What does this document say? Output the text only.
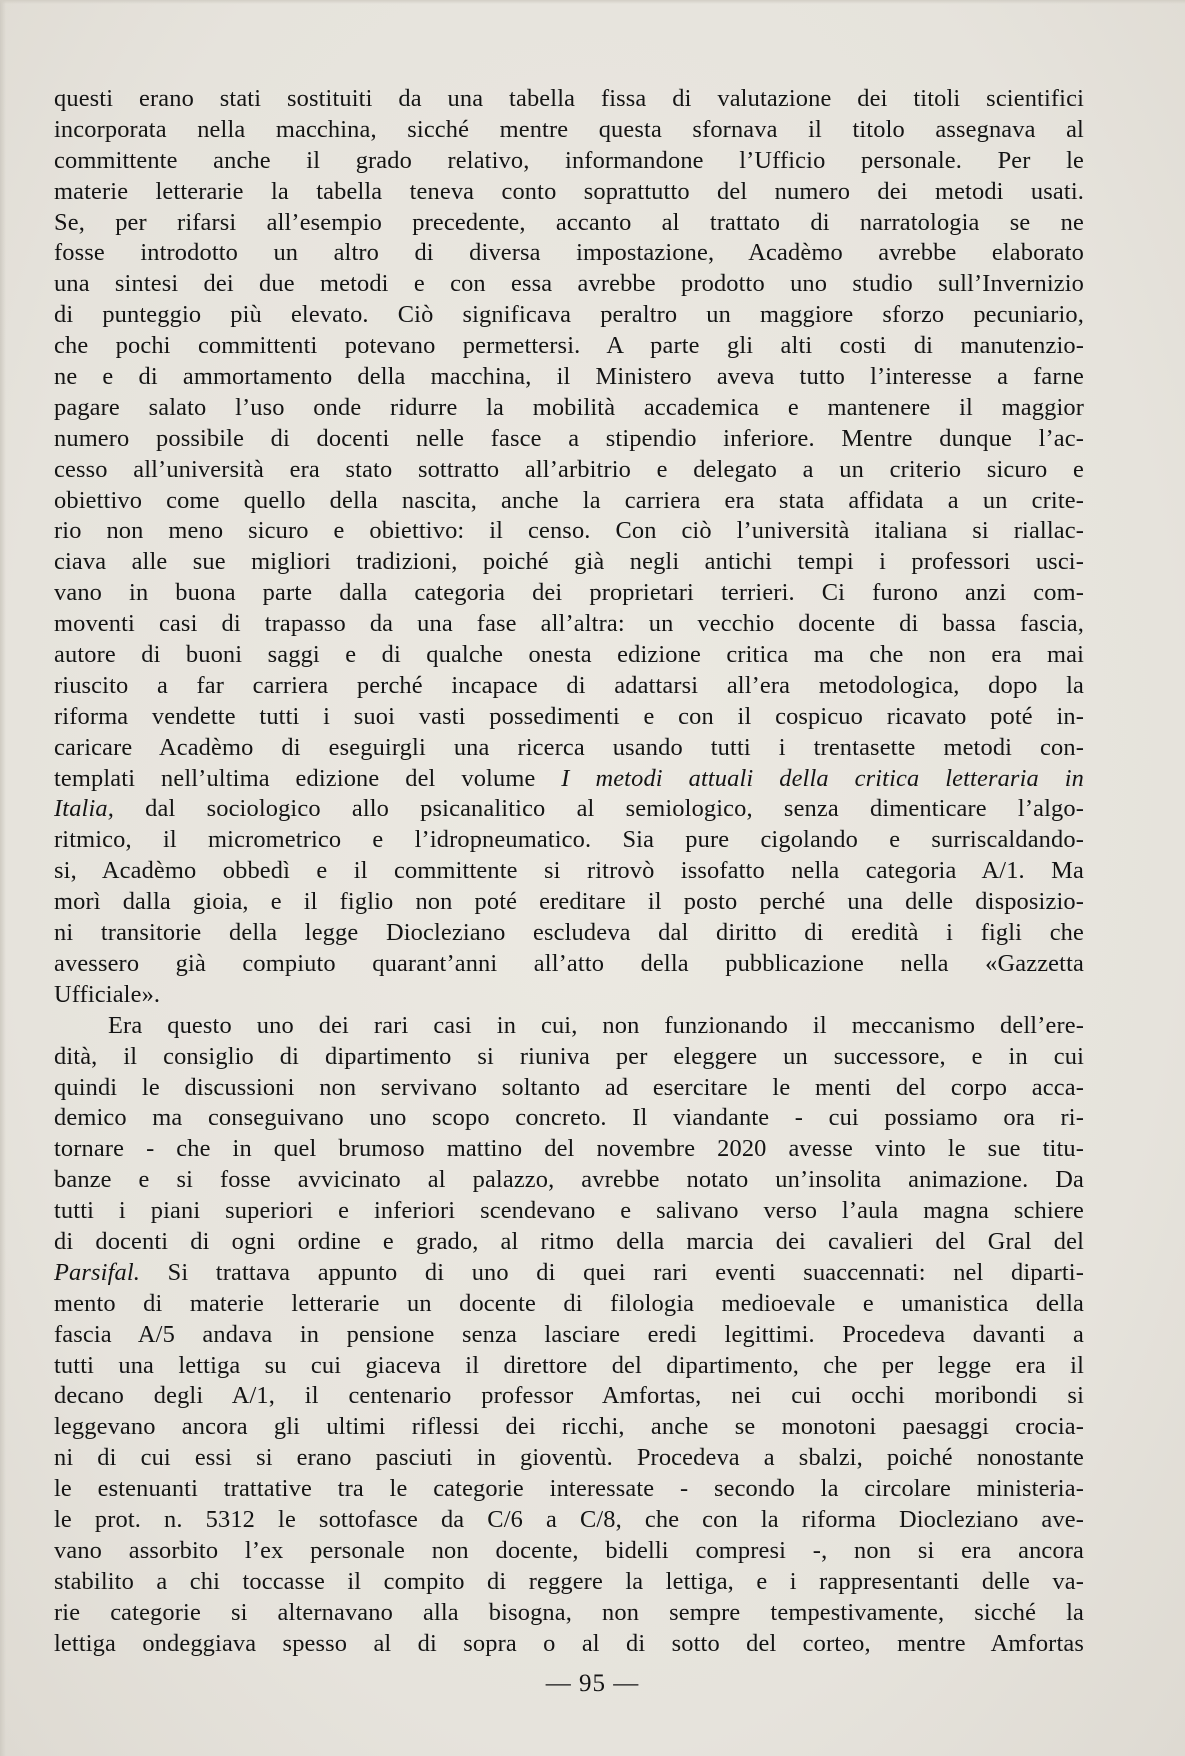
questi erano stati sostituiti da una tabella fissa di valutazione dei titoli scientifici
incorporata nella macchina, sicché mentre questa sfornava il titolo assegnava al
committente anche il grado relativo, informandone l’Ufficio personale. Per le
materie letterarie la tabella teneva conto soprattutto del numero dei metodi usati.
Se, per rifarsi all’esempio precedente, accanto al trattato di narratologia se ne
fosse introdotto un altro di diversa impostazione, Acadèmo avrebbe elaborato
una sintesi dei due metodi e con essa avrebbe prodotto uno studio sull’Invernizio
di punteggio più elevato. Ciò significava peraltro un maggiore sforzo pecuniario,
che pochi committenti potevano permettersi. A parte gli alti costi di manutenzio-
ne e di ammortamento della macchina, il Ministero aveva tutto l’interesse a farne
pagare salato l’uso onde ridurre la mobilità accademica e mantenere il maggior
numero possibile di docenti nelle fasce a stipendio inferiore. Mentre dunque l’ac-
cesso all’università era stato sottratto all’arbitrio e delegato a un criterio sicuro e
obiettivo come quello della nascita, anche la carriera era stata affidata a un crite-
rio non meno sicuro e obiettivo: il censo. Con ciò l’università italiana si riallac-
ciava alle sue migliori tradizioni, poiché già negli antichi tempi i professori usci-
vano in buona parte dalla categoria dei proprietari terrieri. Ci furono anzi com-
moventi casi di trapasso da una fase all’altra: un vecchio docente di bassa fascia,
autore di buoni saggi e di qualche onesta edizione critica ma che non era mai
riuscito a far carriera perché incapace di adattarsi all’era metodologica, dopo la
riforma vendette tutti i suoi vasti possedimenti e con il cospicuo ricavato poté in-
caricare Acadèmo di eseguirgli una ricerca usando tutti i trentasette metodi con-
templati nell’ultima edizione del volume I metodi attuali della critica letteraria in
Italia, dal sociologico allo psicanalitico al semiologico, senza dimenticare l’algo-
ritmico, il micrometrico e l’idropneumatico. Sia pure cigolando e surriscaldando-
si, Acadèmo obbedì e il committente si ritrovò issofatto nella categoria A/1. Ma
morì dalla gioia, e il figlio non poté ereditare il posto perché una delle disposizio-
ni transitorie della legge Diocleziano escludeva dal diritto di eredità i figli che
avessero già compiuto quarant’anni all’atto della pubblicazione nella «Gazzetta
Ufficiale».
Era questo uno dei rari casi in cui, non funzionando il meccanismo dell’ere-
dità, il consiglio di dipartimento si riuniva per eleggere un successore, e in cui
quindi le discussioni non servivano soltanto ad esercitare le menti del corpo acca-
demico ma conseguivano uno scopo concreto. Il viandante - cui possiamo ora ri-
tornare - che in quel brumoso mattino del novembre 2020 avesse vinto le sue titu-
banze e si fosse avvicinato al palazzo, avrebbe notato un’insolita animazione. Da
tutti i piani superiori e inferiori scendevano e salivano verso l’aula magna schiere
di docenti di ogni ordine e grado, al ritmo della marcia dei cavalieri del Gral del
Parsifal. Si trattava appunto di uno di quei rari eventi suaccennati: nel diparti-
mento di materie letterarie un docente di filologia medioevale e umanistica della
fascia A/5 andava in pensione senza lasciare eredi legittimi. Procedeva davanti a
tutti una lettiga su cui giaceva il direttore del dipartimento, che per legge era il
decano degli A/1, il centenario professor Amfortas, nei cui occhi moribondi si
leggevano ancora gli ultimi riflessi dei ricchi, anche se monotoni paesaggi crocia-
ni di cui essi si erano pasciuti in gioventù. Procedeva a sbalzi, poiché nonostante
le estenuanti trattative tra le categorie interessate - secondo la circolare ministeria-
le prot. n. 5312 le sottofasce da C/6 a C/8, che con la riforma Diocleziano ave-
vano assorbito l’ex personale non docente, bidelli compresi -, non si era ancora
stabilito a chi toccasse il compito di reggere la lettiga, e i rappresentanti delle va-
rie categorie si alternavano alla bisogna, non sempre tempestivamente, sicché la
lettiga ondeggiava spesso al di sopra o al di sotto del corteo, mentre Amfortas
— 95 —
